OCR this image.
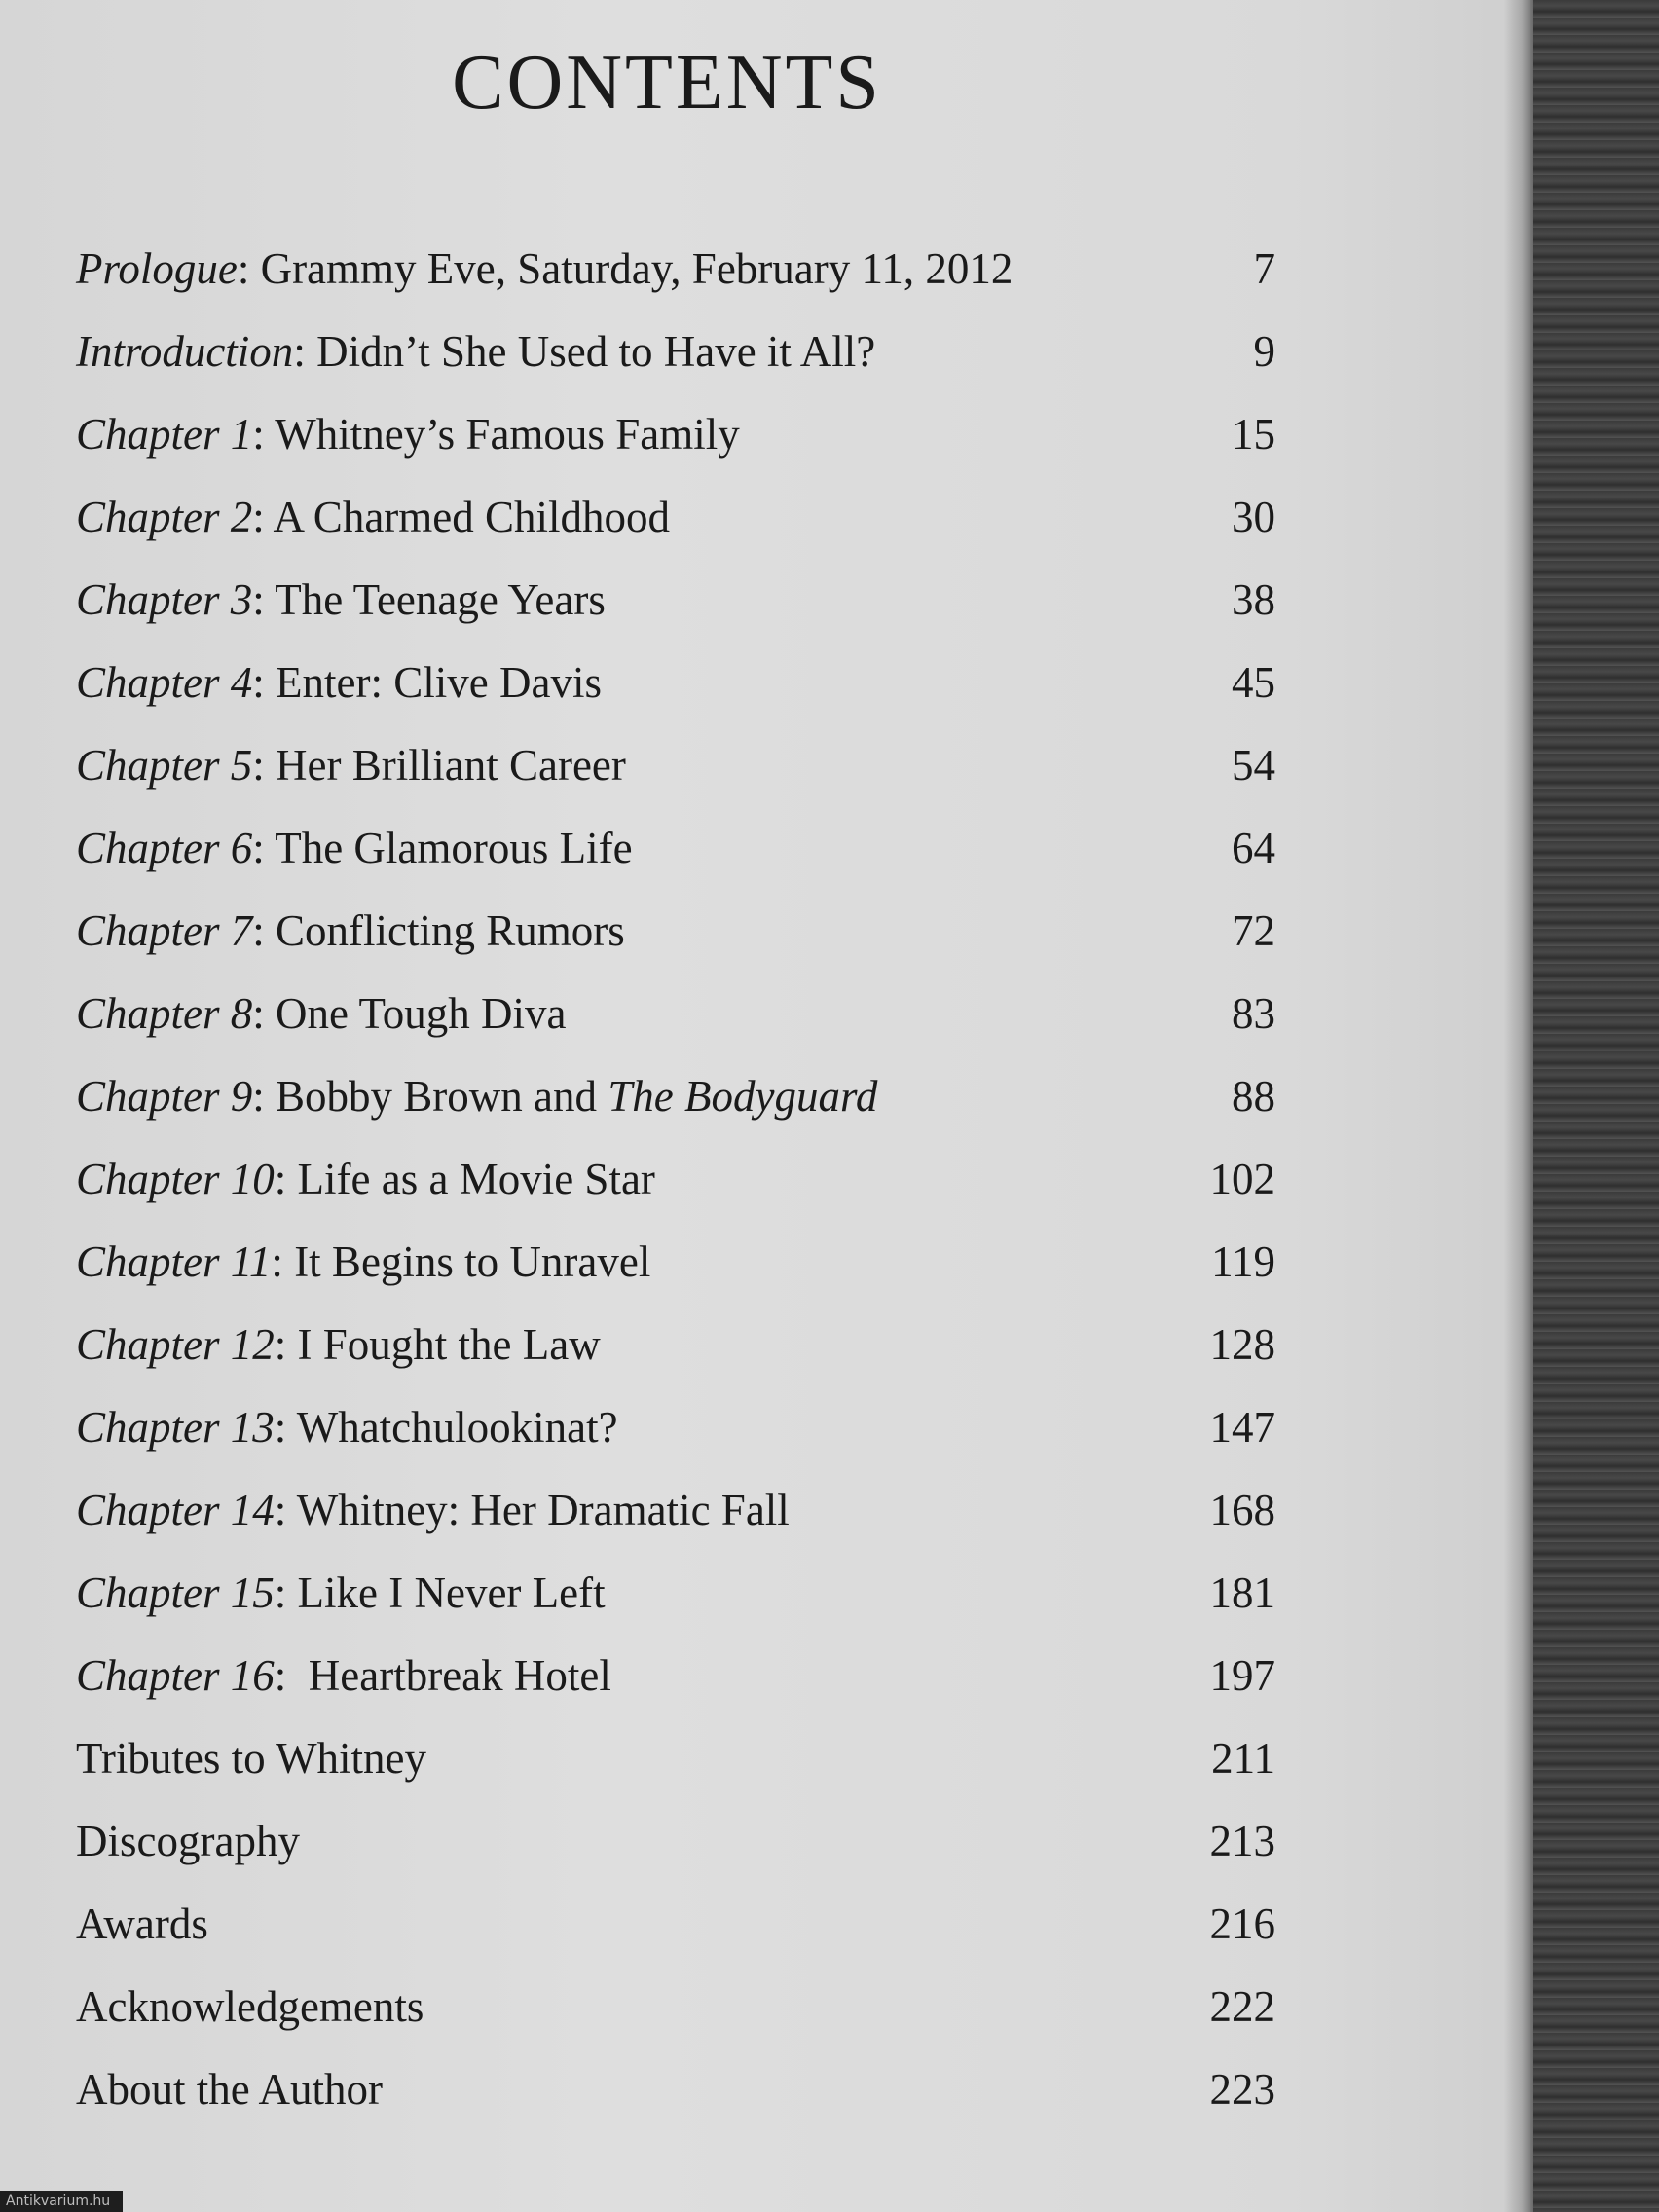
CONTENTS
Prologue: Grammy Eve, Saturday, February 11, 2012	7
Introduction: Didn’t She Used to Have it All?	9
Chapter 1: Whitney’s Famous Family	15
Chapter 2: A Charmed Childhood	30
Chapter 3: The Teenage Years	38
Chapter 4: Enter: Clive Davis	45
Chapter 5: Her Brilliant Career	54
Chapter 6: The Glamorous Life	64
Chapter 7: Conflicting Rumors	72
Chapter 8: One Tough Diva	83
Chapter 9: Bobby Brown and The Bodyguard	88
Chapter 10: Life as a Movie Star	102
Chapter 11: It Begins to Unravel	119
Chapter 12: I Fought the Law	128
Chapter 13: Whatchulookinat?	147
Chapter 14: Whitney: Her Dramatic Fall	168
Chapter 15: Like I Never Left	181
Chapter 16:  Heartbreak Hotel	197
Tributes to Whitney	211
Discography	213
Awards	216
Acknowledgements	222
About the Author	223
Antikvarium.hu
